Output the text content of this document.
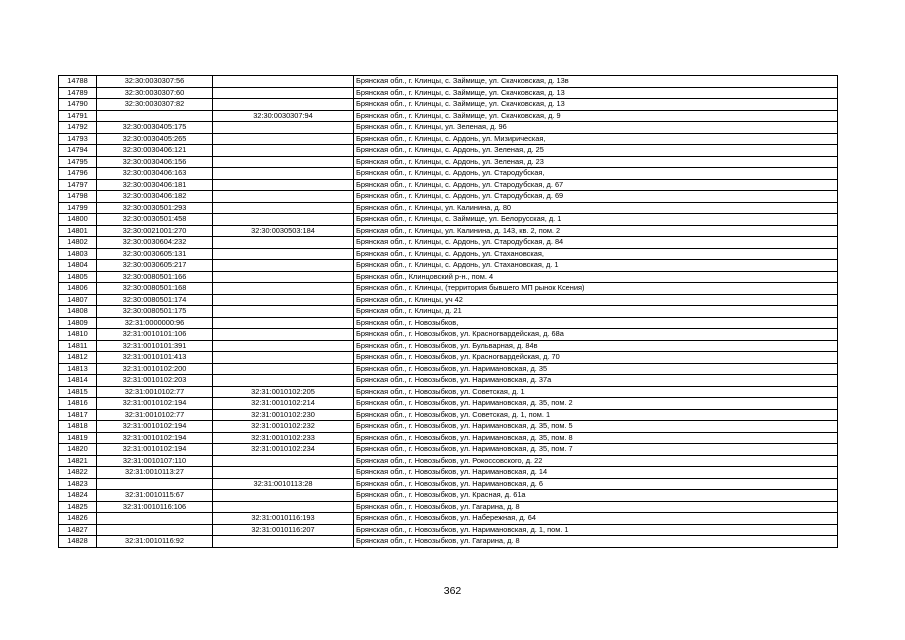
14788	32:30:0030307:56		Брянская обл., г. Клинцы, с. Займище, ул. Скачковская, д. 13в
14789	32:30:0030307:60		Брянская обл., г. Клинцы, с. Займище, ул. Скачковская, д. 13
14790	32:30:0030307:82		Брянская обл., г. Клинцы, с. Займище, ул. Скачковская, д. 13
14791		32:30:0030307:94	Брянская обл., г. Клинцы, с. Займище, ул. Скачковская, д. 9
14792	32:30:0030405:175		Брянская обл., г. Клинцы, ул. Зеленая, д. 96
14793	32:30:0030405:265		Брянская обл., г. Клинцы, с. Ардонь, ул. Мизирическая,
14794	32:30:0030406:121		Брянская обл., г. Клинцы, с. Ардонь, ул. Зеленая, д. 25
14795	32:30:0030406:156		Брянская обл., г. Клинцы, с. Ардонь, ул. Зеленая, д. 23
14796	32:30:0030406:163		Брянская обл., г. Клинцы, с. Ардонь, ул. Стародубская,
14797	32:30:0030406:181		Брянская обл., г. Клинцы, с. Ардонь, ул. Стародубская, д. 67
14798	32:30:0030406:182		Брянская обл., г. Клинцы, с. Ардонь, ул. Стародубская, д. 69
14799	32:30:0030501:293		Брянская обл., г. Клинцы, ул. Калинина, д. 80
14800	32:30:0030501:458		Брянская обл., г. Клинцы, с. Займище, ул. Белорусская, д. 1
14801	32:30:0021001:270	32:30:0030503:184	Брянская обл., г. Клинцы, ул. Калинина, д. 143, кв. 2, пом. 2
14802	32:30:0030604:232		Брянская обл., г. Клинцы, с. Ардонь, ул. Стародубская, д. 84
14803	32:30:0030605:131		Брянская обл., г. Клинцы, с. Ардонь, ул. Стахановская,
14804	32:30:0030605:217		Брянская обл., г. Клинцы, с. Ардонь, ул. Стахановская, д. 1
14805	32:30:0080501:166		Брянская обл., Клинцовский р-н., пом. 4
14806	32:30:0080501:168		Брянская обл., г. Клинцы, (территория бывшего МП рынок Ксения)
14807	32:30:0080501:174		Брянская обл., г. Клинцы, уч 42
14808	32:30:0080501:175		Брянская обл., г. Клинцы, д. 21
14809	32:31:0000000:96		Брянская обл., г. Новозыбков,
14810	32:31:0010101:106		Брянская обл., г. Новозыбков, ул. Красногвардейская, д. 68а
14811	32:31:0010101:391		Брянская обл., г. Новозыбков, ул. Бульварная, д. 84в
14812	32:31:0010101:413		Брянская обл., г. Новозыбков, ул. Красногвардейская, д. 70
14813	32:31:0010102:200		Брянская обл., г. Новозыбков, ул. Наримановская, д. 35
14814	32:31:0010102:203		Брянская обл., г. Новозыбков, ул. Наримановская, д. 37а
14815	32:31:0010102:77	32:31:0010102:205	Брянская обл., г. Новозыбков, ул. Советская, д. 1
14816	32:31:0010102:194	32:31:0010102:214	Брянская обл., г. Новозыбков, ул. Наримановская, д. 35, пом. 2
14817	32:31:0010102:77	32:31:0010102:230	Брянская обл., г. Новозыбков, ул. Советская, д. 1, пом. 1
14818	32:31:0010102:194	32:31:0010102:232	Брянская обл., г. Новозыбков, ул. Наримановская, д. 35, пом. 5
14819	32:31:0010102:194	32:31:0010102:233	Брянская обл., г. Новозыбков, ул. Наримановская, д. 35, пом. 8
14820	32:31:0010102:194	32:31:0010102:234	Брянская обл., г. Новозыбков, ул. Наримановская, д. 35, пом. 7
14821	32:31:0010107:110		Брянская обл., г. Новозыбков, ул. Рокоссовского, д. 22
14822	32:31:0010113:27		Брянская обл., г. Новозыбков, ул. Наримановская, д. 14
14823		32:31:0010113:28	Брянская обл., г. Новозыбков, ул. Наримановская, д. 6
14824	32:31:0010115:67		Брянская обл., г. Новозыбков, ул. Красная, д. 61а
14825	32:31:0010116:106		Брянская обл., г. Новозыбков, ул. Гагарина, д. 8
14826		32:31:0010116:193	Брянская обл., г. Новозыбков, ул. Набережная, д. 64
14827		32:31:0010116:207	Брянская обл., г. Новозыбков, ул. Наримановская, д. 1, пом. 1
14828	32:31:0010116:92		Брянская обл., г. Новозыбков, ул. Гагарина, д. 8
362
